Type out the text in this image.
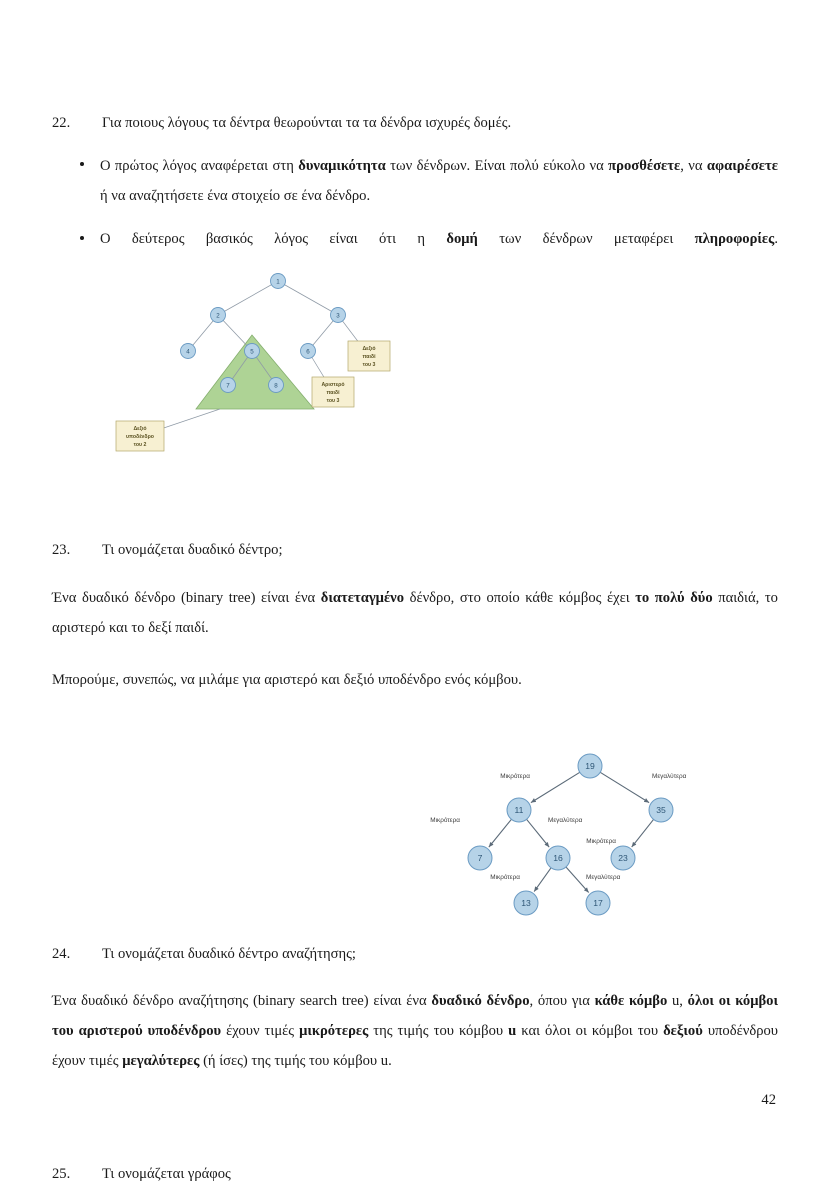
22.	Για ποιους λόγους τα δέντρα θεωρούνται τα τα δένδρα ισχυρές δομές.
Ο πρώτος λόγος αναφέρεται στη δυναμικότητα των δένδρων. Είναι πολύ εύκολο να προσθέσετε, να αφαιρέσετε ή να αναζητήσετε ένα στοιχείο σε ένα δένδρο.
Ο δεύτερος βασικός λόγος είναι ότι η δομή των δένδρων μεταφέρει πληροφορίες.
Δεξιό
παιδί
του 3
Αριστερό
παιδί
του 3
Δεξιό
υποδένδρο
του 2
1
2	3
4	5	6
7	8
23.	Τι ονομάζεται δυαδικό δέντρο;

Ένα δυαδικό δένδρο (binary tree) είναι ένα διατεταγμένο δένδρο, στο οποίο κάθε κόμβος έχει το πολύ δύο παιδιά, το αριστερό και το δεξί παιδί.

Μπορούμε, συνεπώς, να μιλάμε για αριστερό και δεξιό υποδένδρο ενός κόμβου.

Μικρότερα	Μεγαλύτερα
Μικρότερα	Μεγαλύτερα
Μικρότερα
Μικρότερα	Μεγαλύτερα
19
11	35
7	16	23
13	17
24.	Τι ονομάζεται δυαδικό δέντρο αναζήτησης;

Ένα δυαδικό δένδρο αναζήτησης (binary search tree) είναι ένα δυαδικό δένδρο, όπου για κάθε κόμβο u, όλοι οι κόμβοι του αριστερού υποδένδρου έχουν τιμές μικρότερες της τιμής του κόμβου u και όλοι οι κόμβοι του δεξιού υποδένδρου έχουν τιμές μεγαλύτερες (ή ίσες) της τιμής του κόμβου u.

25.	Τι ονομάζεται γράφος
42
